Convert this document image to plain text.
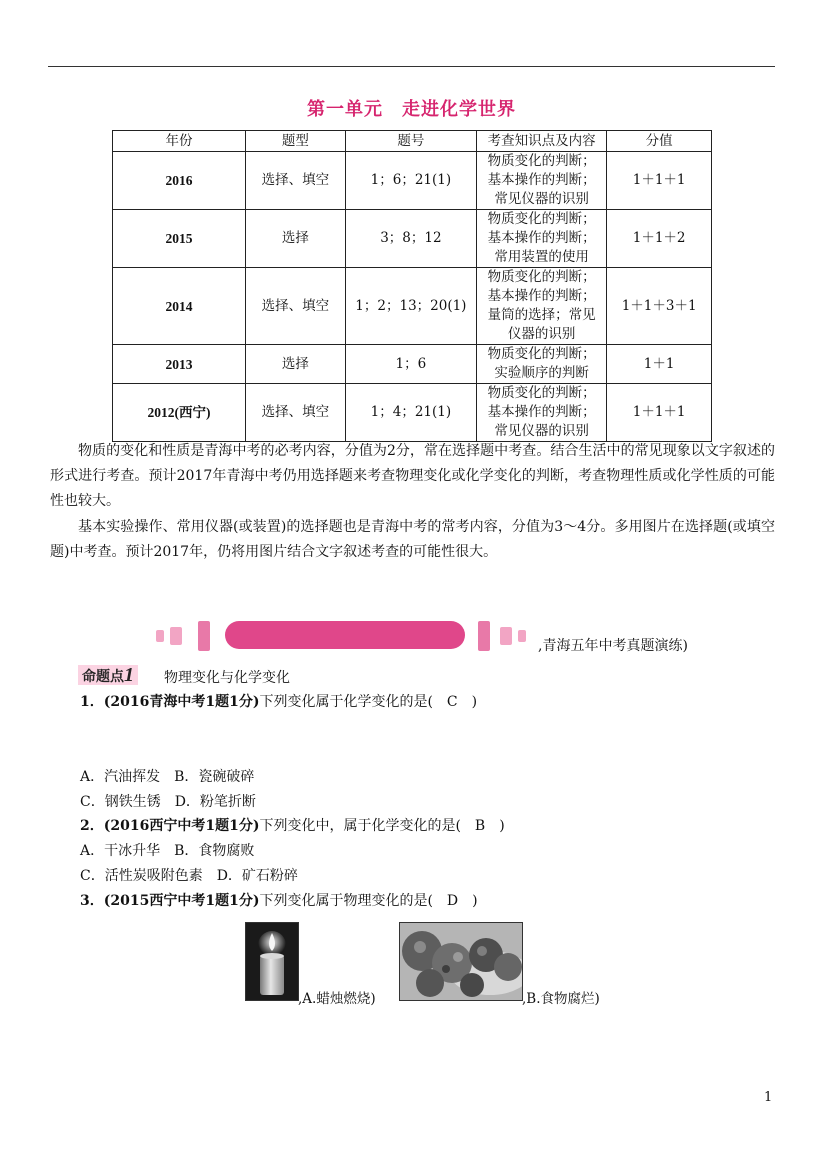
第一单元　走进化学世界
年份	题型	题号	考查知识点及内容	分值
2016	选择、填空	1；6；21(1)	物质变化的判断；
基本操作的判断；
常见仪器的识别	1＋1＋1
2015	选择	3；8；12	物质变化的判断；
基本操作的判断；
常用装置的使用	1＋1＋2
2014	选择、填空	1；2；13；20(1)	物质变化的判断；
基本操作的判断；
量筒的选择；常见
仪器的识别	1＋1＋3＋1
2013	选择	1；6	物质变化的判断；
实验顺序的判断	1＋1
2012(西宁)	选择、填空	1；4；21(1)	物质变化的判断；
基本操作的判断；
常见仪器的识别	1＋1＋1
物质的变化和性质是青海中考的必考内容，分值为2分，常在选择题中考查。结合生活中的常见现象以文字叙述的形式进行考查。预计2017年青海中考仍用选择题来考查物理变化或化学变化的判断，考查物理性质或化学性质的可能性也较大。
基本实验操作、常用仪器(或装置)的选择题也是青海中考的常考内容，分值为3～4分。多用图片在选择题(或填空题)中考查。预计2017年，仍将用图片结合文字叙述考查的可能性很大。
,青海五年中考真题演练)
命题点1 物理变化与化学变化
1．(2016青海中考1题1分)下列变化属于化学变化的是(　C　)
A．汽油挥发　B．瓷碗破碎
C．钢铁生锈　D．粉笔折断
2．(2016西宁中考1题1分)下列变化中，属于化学变化的是(　B　)
A．干冰升华　B．食物腐败
C．活性炭吸附色素　D．矿石粉碎
3．(2015西宁中考1题1分)下列变化属于物理变化的是(　D　)
,A.蜡烛燃烧)	,B.食物腐烂)
1
